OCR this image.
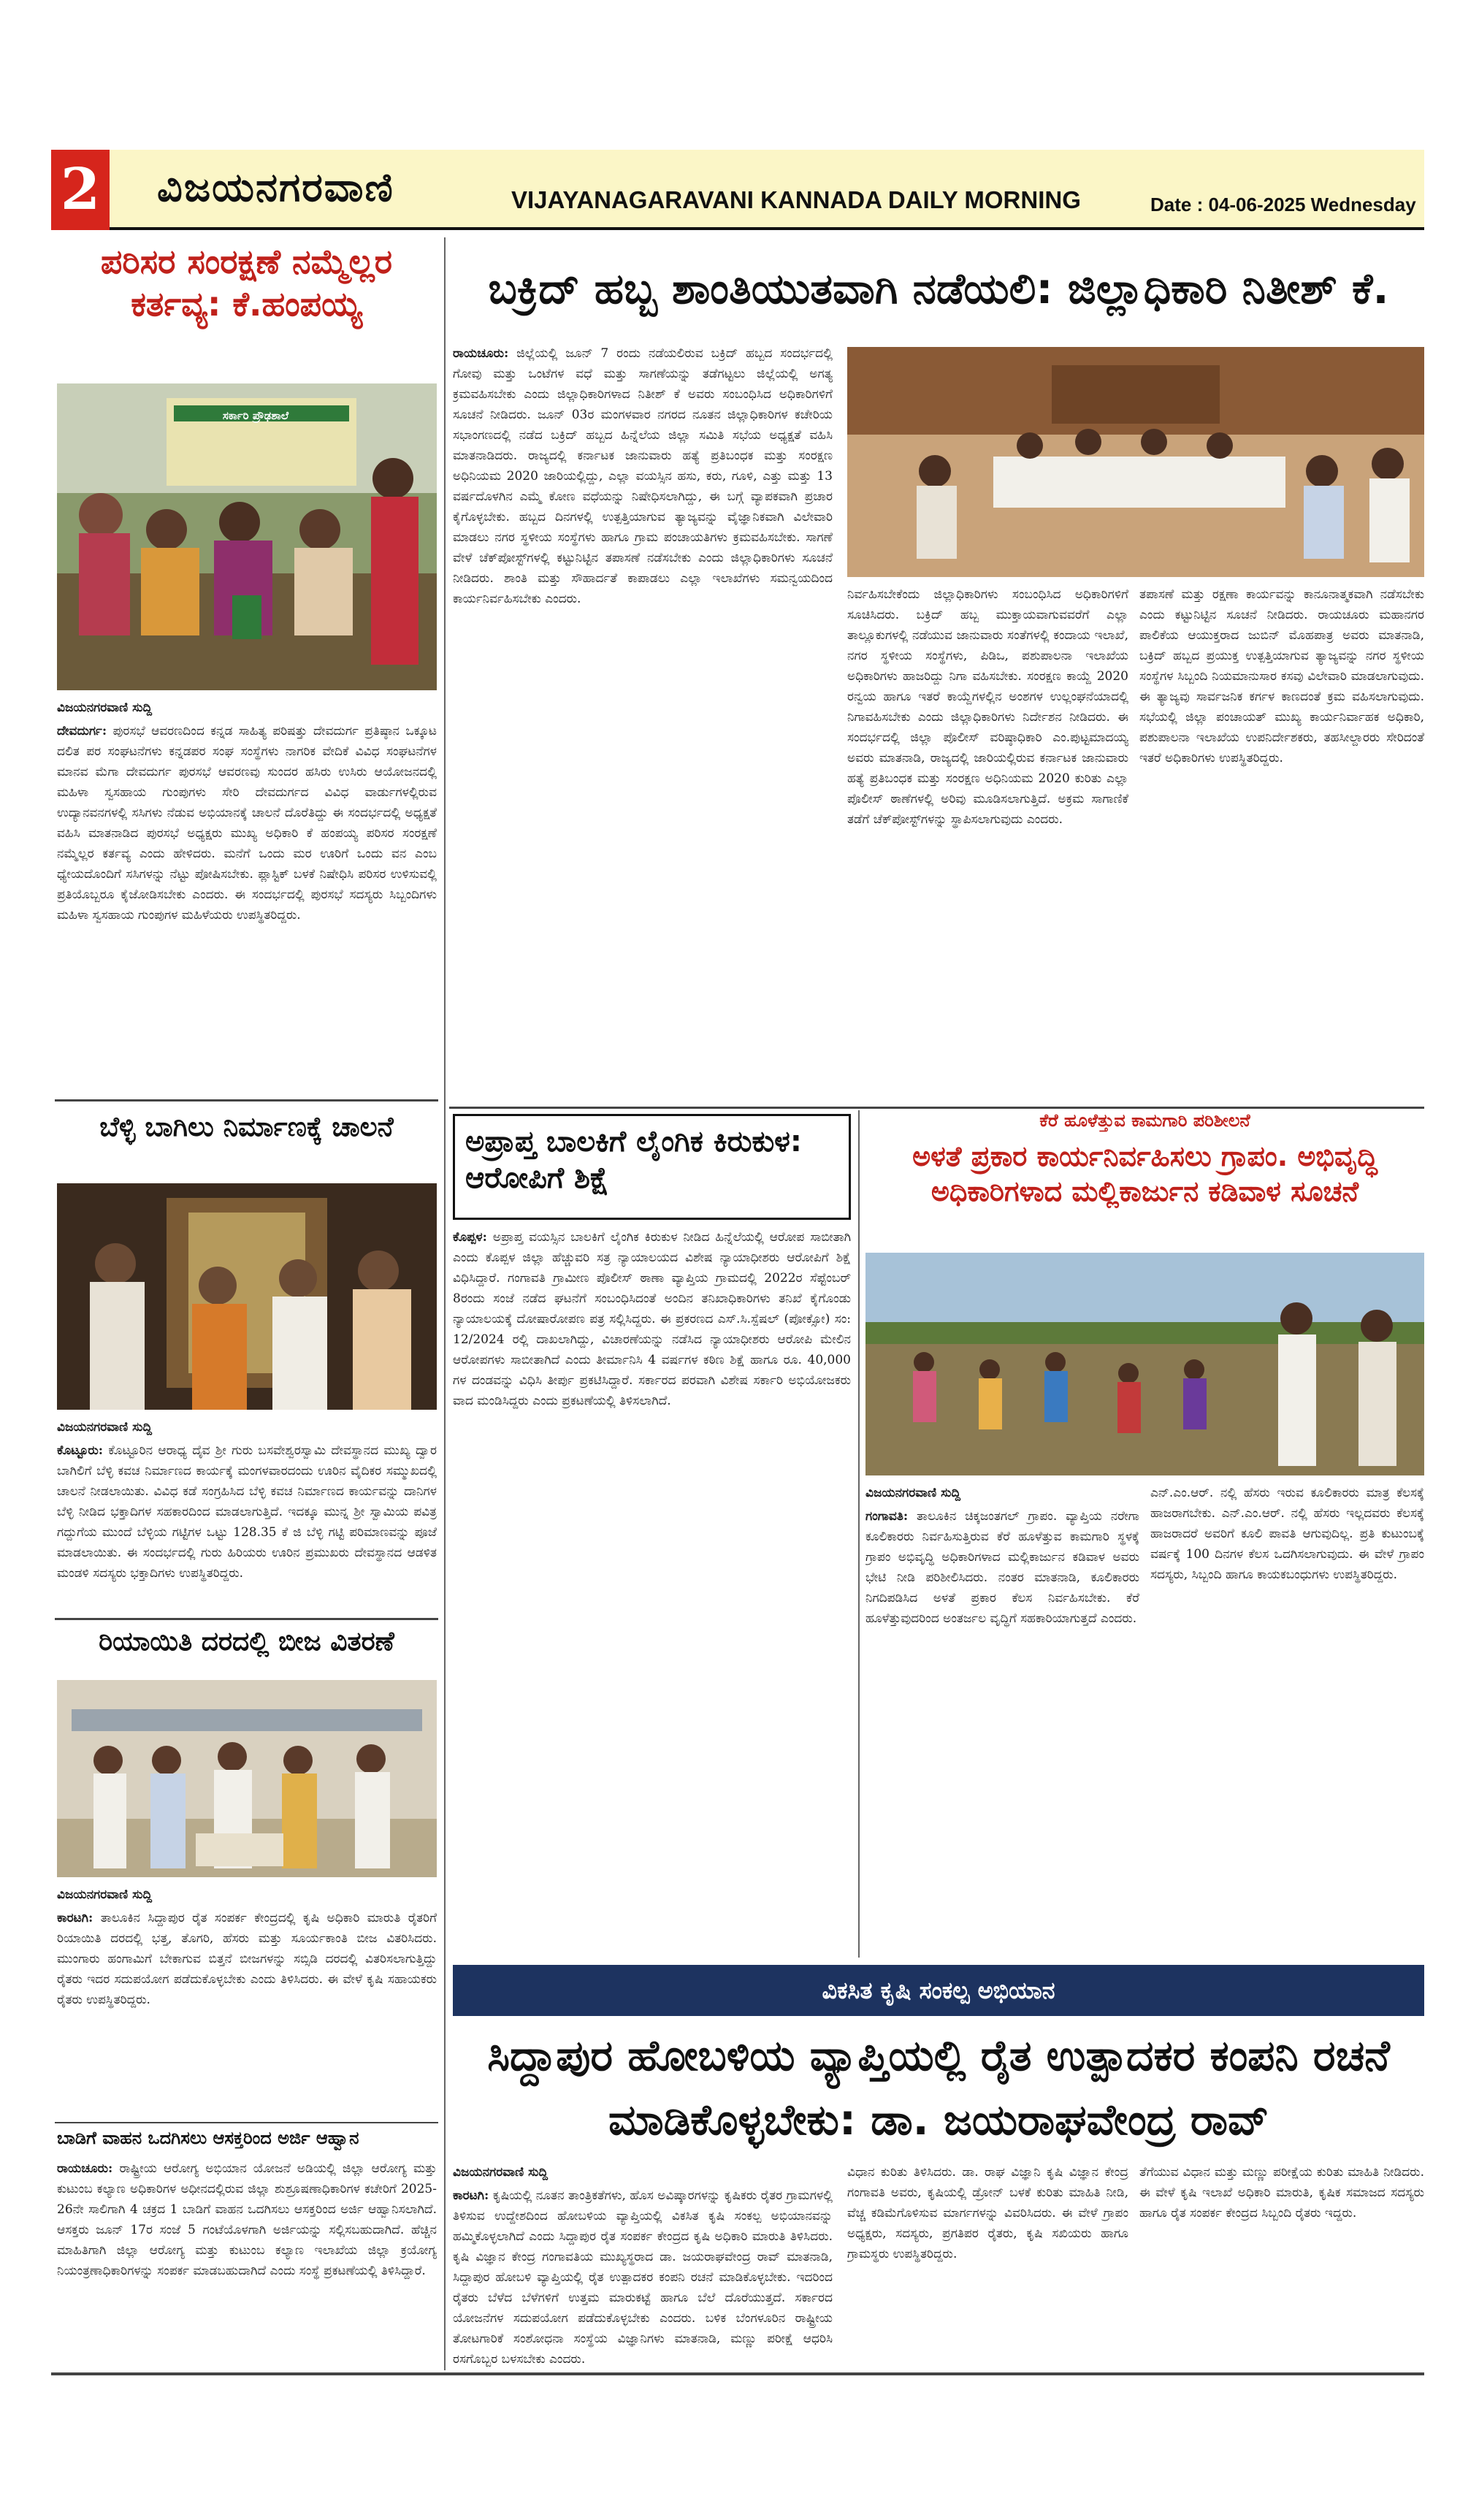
2 ವಿಜಯನಗರವಾಣಿ	VIJAYANAGARAVANI KANNADA DAILY MORNING	Date : 04-06-2025 Wednesday
ಪರಿಸರ ಸಂರಕ್ಷಣೆ ನಮ್ಮೆಲ್ಲರ ಕರ್ತವ್ಯ: ಕೆ.ಹಂಪಯ್ಯ
ಸರ್ಕಾರಿ ಪ್ರೌಢಶಾಲೆ

ವಿಜಯನಗರವಾಣಿ ಸುದ್ದಿ

ದೇವದುರ್ಗ: ಪುರಸಭೆ ಆವರಣದಿಂದ ಕನ್ನಡ ಸಾಹಿತ್ಯ ಪರಿಷತ್ತು ದೇವದುರ್ಗ ಪ್ರತಿಷ್ಠಾನ ಒಕ್ಕೂಟ ದಲಿತ ಪರ ಸಂಘಟನೆಗಳು ಕನ್ನಡಪರ ಸಂಘ ಸಂಸ್ಥೆಗಳು ನಾಗರಿಕ ವೇದಿಕೆ ವಿವಿಧ ಸಂಘಟನೆಗಳ ಮಾನವ ಮೆಗಾ ದೇವದುರ್ಗ ಪುರಸಭೆ ಆವರಣವು ಸುಂದರ ಹಸಿರು ಉಸಿರು ಆಯೋಜನದಲ್ಲಿ ಮಹಿಳಾ ಸ್ವಸಹಾಯ ಗುಂಪುಗಳು ಸೇರಿ ದೇವದುರ್ಗದ ವಿವಿಧ ವಾರ್ಡುಗಳಲ್ಲಿರುವ ಉದ್ಯಾನವನಗಳಲ್ಲಿ ಸಸಿಗಳು ನೆಡುವ ಅಭಿಯಾನಕ್ಕೆ ಚಾಲನೆ ದೊರೆತಿದ್ದು ಈ ಸಂದರ್ಭದಲ್ಲಿ ಅಧ್ಯಕ್ಷತೆ ವಹಿಸಿ ಮಾತನಾಡಿದ ಪುರಸಭೆ ಅಧ್ಯಕ್ಷರು ಮುಖ್ಯ ಅಧಿಕಾರಿ ಕೆ ಹಂಪಯ್ಯ ಪರಿಸರ ಸಂರಕ್ಷಣೆ ನಮ್ಮೆಲ್ಲರ ಕರ್ತವ್ಯ ಎಂದು ಹೇಳಿದರು. ಮನೆಗೆ ಒಂದು ಮರ ಊರಿಗೆ ಒಂದು ವನ ಎಂಬ ಧ್ಯೇಯದೊಂದಿಗೆ ಸಸಿಗಳನ್ನು ನೆಟ್ಟು ಪೋಷಿಸಬೇಕು. ಪ್ಲಾಸ್ಟಿಕ್ ಬಳಕೆ ನಿಷೇಧಿಸಿ ಪರಿಸರ ಉಳಿಸುವಲ್ಲಿ ಪ್ರತಿಯೊಬ್ಬರೂ ಕೈಜೋಡಿಸಬೇಕು ಎಂದರು. ಈ ಸಂದರ್ಭದಲ್ಲಿ ಪುರಸಭೆ ಸದಸ್ಯರು ಸಿಬ್ಬಂದಿಗಳು ಮಹಿಳಾ ಸ್ವಸಹಾಯ ಗುಂಪುಗಳ ಮಹಿಳೆಯರು ಉಪಸ್ಥಿತರಿದ್ದರು.

ಬೆಳ್ಳಿ ಬಾಗಿಲು ನಿರ್ಮಾಣಕ್ಕೆ ಚಾಲನೆ

ವಿಜಯನಗರವಾಣಿ ಸುದ್ದಿ

ಕೊಟ್ಟೂರು: ಕೊಟ್ಟೂರಿನ ಆರಾಧ್ಯ ದೈವ ಶ್ರೀ ಗುರು ಬಸವೇಶ್ವರಸ್ವಾಮಿ ದೇವಸ್ಥಾನದ ಮುಖ್ಯ ದ್ವಾರ ಬಾಗಿಲಿಗೆ ಬೆಳ್ಳಿ ಕವಚ ನಿರ್ಮಾಣದ ಕಾರ್ಯಕ್ಕೆ ಮಂಗಳವಾರದಂದು ಊರಿನ ವೈದಿಕರ ಸಮ್ಮುಖದಲ್ಲಿ ಚಾಲನೆ ನೀಡಲಾಯಿತು. ವಿವಿಧ ಕಡೆ ಸಂಗ್ರಹಿಸಿದ ಬೆಳ್ಳಿ ಕವಚ ನಿರ್ಮಾಣದ ಕಾರ್ಯವನ್ನು ದಾನಿಗಳ ಬೆಳ್ಳಿ ನೀಡಿದ ಭಕ್ತಾದಿಗಳ ಸಹಕಾರದಿಂದ ಮಾಡಲಾಗುತ್ತಿದೆ. ಇದಕ್ಕೂ ಮುನ್ನ ಶ್ರೀ ಸ್ವಾಮಿಯ ಪವಿತ್ರ ಗದ್ದುಗೆಯ ಮುಂದೆ ಬೆಳ್ಳಿಯ ಗಟ್ಟಿಗಳ ಒಟ್ಟು 128.35 ಕೆ ಜಿ ಬೆಳ್ಳಿ ಗಟ್ಟಿ ಪರಿಮಾಣವನ್ನು ಪೂಜೆ ಮಾಡಲಾಯಿತು. ಈ ಸಂದರ್ಭದಲ್ಲಿ ಗುರು ಹಿರಿಯರು ಊರಿನ ಪ್ರಮುಖರು ದೇವಸ್ಥಾನದ ಆಡಳಿತ ಮಂಡಳಿ ಸದಸ್ಯರು ಭಕ್ತಾದಿಗಳು ಉಪಸ್ಥಿತರಿದ್ದರು.

ರಿಯಾಯಿತಿ ದರದಲ್ಲಿ ಬೀಜ ವಿತರಣೆ

ವಿಜಯನಗರವಾಣಿ ಸುದ್ದಿ

ಕಾರಟಗಿ: ತಾಲೂಕಿನ ಸಿದ್ದಾಪುರ ರೈತ ಸಂಪರ್ಕ ಕೇಂದ್ರದಲ್ಲಿ ಕೃಷಿ ಅಧಿಕಾರಿ ಮಾರುತಿ ರೈತರಿಗೆ ರಿಯಾಯಿತಿ ದರದಲ್ಲಿ ಭತ್ತ, ತೊಗರಿ, ಹೆಸರು ಮತ್ತು ಸೂರ್ಯಕಾಂತಿ ಬೀಜ ವಿತರಿಸಿದರು. ಮುಂಗಾರು ಹಂಗಾಮಿಗೆ ಬೇಕಾಗುವ ಬಿತ್ತನೆ ಬೀಜಗಳನ್ನು ಸಬ್ಸಿಡಿ ದರದಲ್ಲಿ ವಿತರಿಸಲಾಗುತ್ತಿದ್ದು ರೈತರು ಇದರ ಸದುಪಯೋಗ ಪಡೆದುಕೊಳ್ಳಬೇಕು ಎಂದು ತಿಳಿಸಿದರು. ಈ ವೇಳೆ ಕೃಷಿ ಸಹಾಯಕರು ರೈತರು ಉಪಸ್ಥಿತರಿದ್ದರು.

ಬಾಡಿಗೆ ವಾಹನ ಒದಗಿಸಲು ಆಸಕ್ತರಿಂದ ಅರ್ಜಿ ಆಹ್ವಾನ

ರಾಯಚೂರು: ರಾಷ್ಟ್ರೀಯ ಆರೋಗ್ಯ ಅಭಿಯಾನ ಯೋಜನೆ ಅಡಿಯಲ್ಲಿ ಜಿಲ್ಲಾ ಆರೋಗ್ಯ ಮತ್ತು ಕುಟುಂಬ ಕಲ್ಯಾಣ ಅಧಿಕಾರಿಗಳ ಅಧೀನದಲ್ಲಿರುವ ಜಿಲ್ಲಾ ಶುಶ್ರೂಷಣಾಧಿಕಾರಿಗಳ ಕಚೇರಿಗೆ 2025-26ನೇ ಸಾಲಿಗಾಗಿ 4 ಚಕ್ರದ 1 ಬಾಡಿಗೆ ವಾಹನ ಒದಗಿಸಲು ಆಸಕ್ತರಿಂದ ಅರ್ಜಿ ಆಹ್ವಾನಿಸಲಾಗಿದೆ. ಆಸಕ್ತರು ಜೂನ್ 17ರ ಸಂಜೆ 5 ಗಂಟೆಯೊಳಗಾಗಿ ಅರ್ಜಿಯನ್ನು ಸಲ್ಲಿಸಬಹುದಾಗಿದೆ. ಹೆಚ್ಚಿನ ಮಾಹಿತಿಗಾಗಿ ಜಿಲ್ಲಾ ಆರೋಗ್ಯ ಮತ್ತು ಕುಟುಂಬ ಕಲ್ಯಾಣ ಇಲಾಖೆಯ ಜಿಲ್ಲಾ ಕ್ರಯೋಗ್ಯ ನಿಯಂತ್ರಣಾಧಿಕಾರಿಗಳನ್ನು ಸಂಪರ್ಕ ಮಾಡಬಹುದಾಗಿದೆ ಎಂದು ಸಂಸ್ಥೆ ಪ್ರಕಟಣೆಯಲ್ಲಿ ತಿಳಿಸಿದ್ದಾರೆ.

ಬಕ್ರಿದ್ ಹಬ್ಬ ಶಾಂತಿಯುತವಾಗಿ ನಡೆಯಲಿ: ಜಿಲ್ಲಾಧಿಕಾರಿ ನಿತೀಶ್ ಕೆ.

ರಾಯಚೂರು: ಜಿಲ್ಲೆಯಲ್ಲಿ ಜೂನ್ 7 ರಂದು ನಡೆಯಲಿರುವ ಬಕ್ರಿದ್ ಹಬ್ಬದ ಸಂದರ್ಭದಲ್ಲಿ ಗೋವು ಮತ್ತು ಒಂಟೆಗಳ ವಧೆ ಮತ್ತು ಸಾಗಣೆಯನ್ನು ತಡೆಗಟ್ಟಲು ಜಿಲ್ಲೆಯಲ್ಲಿ ಅಗತ್ಯ ಕ್ರಮವಹಿಸಬೇಕು ಎಂದು ಜಿಲ್ಲಾಧಿಕಾರಿಗಳಾದ ನಿತೀಶ್ ಕೆ ಅವರು ಸಂಬಂಧಿಸಿದ ಅಧಿಕಾರಿಗಳಿಗೆ ಸೂಚನೆ ನೀಡಿದರು. ಜೂನ್ 03ರ ಮಂಗಳವಾರ ನಗರದ ನೂತನ ಜಿಲ್ಲಾಧಿಕಾರಿಗಳ ಕಚೇರಿಯ ಸಭಾಂಗಣದಲ್ಲಿ ನಡೆದ ಬಕ್ರಿದ್ ಹಬ್ಬದ ಹಿನ್ನೆಲೆಯ ಜಿಲ್ಲಾ ಸಮಿತಿ ಸಭೆಯ ಅಧ್ಯಕ್ಷತೆ ವಹಿಸಿ ಮಾತನಾಡಿದರು. ರಾಜ್ಯದಲ್ಲಿ ಕರ್ನಾಟಕ ಜಾನುವಾರು ಹತ್ಯೆ ಪ್ರತಿಬಂಧಕ ಮತ್ತು ಸಂರಕ್ಷಣ ಅಧಿನಿಯಮ 2020 ಜಾರಿಯಲ್ಲಿದ್ದು, ಎಲ್ಲಾ ವಯಸ್ಸಿನ ಹಸು, ಕರು, ಗೂಳಿ, ಎತ್ತು ಮತ್ತು 13 ವರ್ಷದೊಳಗಿನ ಎಮ್ಮೆ ಕೋಣ ವಧೆಯನ್ನು ನಿಷೇಧಿಸಲಾಗಿದ್ದು, ಈ ಬಗ್ಗೆ ವ್ಯಾಪಕವಾಗಿ ಪ್ರಚಾರ ಕೈಗೊಳ್ಳಬೇಕು. ಹಬ್ಬದ ದಿನಗಳಲ್ಲಿ ಉತ್ಪತ್ತಿಯಾಗುವ ತ್ಯಾಜ್ಯವನ್ನು ವೈಜ್ಞಾನಿಕವಾಗಿ ವಿಲೇವಾರಿ ಮಾಡಲು ನಗರ ಸ್ಥಳೀಯ ಸಂಸ್ಥೆಗಳು ಹಾಗೂ ಗ್ರಾಮ ಪಂಚಾಯತಿಗಳು ಕ್ರಮವಹಿಸಬೇಕು. ಸಾಗಣೆ ವೇಳೆ ಚೆಕ್‌ಪೋಸ್ಟ್‌ಗಳಲ್ಲಿ ಕಟ್ಟುನಿಟ್ಟಿನ ತಪಾಸಣೆ ನಡೆಸಬೇಕು ಎಂದು ಜಿಲ್ಲಾಧಿಕಾರಿಗಳು ಸೂಚನೆ ನೀಡಿದರು. ಶಾಂತಿ ಮತ್ತು ಸೌಹಾರ್ದತೆ ಕಾಪಾಡಲು ಎಲ್ಲಾ ಇಲಾಖೆಗಳು ಸಮನ್ವಯದಿಂದ ಕಾರ್ಯನಿರ್ವಹಿಸಬೇಕು ಎಂದರು.	ನಿರ್ವಹಿಸಬೇಕೆಂದು ಜಿಲ್ಲಾಧಿಕಾರಿಗಳು ಸಂಬಂಧಿಸಿದ ಅಧಿಕಾರಿಗಳಿಗೆ ಸೂಚಿಸಿದರು. ಬಕ್ರಿದ್ ಹಬ್ಬ ಮುಕ್ತಾಯವಾಗುವವರೆಗೆ ಎಲ್ಲಾ ತಾಲ್ಲೂಕುಗಳಲ್ಲಿ ನಡೆಯುವ ಜಾನುವಾರು ಸಂತೆಗಳಲ್ಲಿ ಕಂದಾಯ ಇಲಾಖೆ, ನಗರ ಸ್ಥಳೀಯ ಸಂಸ್ಥೆಗಳು, ಪಿಡಿಒ, ಪಶುಪಾಲನಾ ಇಲಾಖೆಯ ಅಧಿಕಾರಿಗಳು ಹಾಜರಿದ್ದು ನಿಗಾ ವಹಿಸಬೇಕು. ಸಂರಕ್ಷಣ ಕಾಯ್ದೆ 2020 ರನ್ವಯ ಹಾಗೂ ಇತರೆ ಕಾಯ್ದೆಗಳಲ್ಲಿನ ಅಂಶಗಳ ಉಲ್ಲಂಘನೆಯಾದಲ್ಲಿ ನಿಗಾವಹಿಸಬೇಕು ಎಂದು ಜಿಲ್ಲಾಧಿಕಾರಿಗಳು ನಿರ್ದೇಶನ ನೀಡಿದರು. ಈ ಸಂದರ್ಭದಲ್ಲಿ ಜಿಲ್ಲಾ ಪೊಲೀಸ್ ವರಿಷ್ಠಾಧಿಕಾರಿ ಎಂ.ಪುಟ್ಟಮಾದಯ್ಯ ಅವರು ಮಾತನಾಡಿ, ರಾಜ್ಯದಲ್ಲಿ ಜಾರಿಯಲ್ಲಿರುವ ಕರ್ನಾಟಕ ಜಾನುವಾರು ಹತ್ಯೆ ಪ್ರತಿಬಂಧಕ ಮತ್ತು ಸಂರಕ್ಷಣ ಅಧಿನಿಯಮ 2020 ಕುರಿತು ಎಲ್ಲಾ ಪೊಲೀಸ್ ಠಾಣೆಗಳಲ್ಲಿ ಅರಿವು ಮೂಡಿಸಲಾಗುತ್ತಿದೆ. ಅಕ್ರಮ ಸಾಗಾಣಿಕೆ ತಡೆಗೆ ಚೆಕ್‌ಪೋಸ್ಟ್‌ಗಳನ್ನು ಸ್ಥಾಪಿಸಲಾಗುವುದು ಎಂದರು.

ತಪಾಸಣೆ ಮತ್ತು ರಕ್ಷಣಾ ಕಾರ್ಯವನ್ನು ಕಾನೂನಾತ್ಮಕವಾಗಿ ನಡೆಸಬೇಕು ಎಂದು ಕಟ್ಟುನಿಟ್ಟಿನ ಸೂಚನೆ ನೀಡಿದರು. ರಾಯಚೂರು ಮಹಾನಗರ ಪಾಲಿಕೆಯ ಆಯುಕ್ತರಾದ ಜುಬಿನ್ ಮೊಹಪಾತ್ರ ಅವರು ಮಾತನಾಡಿ, ಬಕ್ರಿದ್ ಹಬ್ಬದ ಪ್ರಯುಕ್ತ ಉತ್ಪತ್ತಿಯಾಗುವ ತ್ಯಾಜ್ಯವನ್ನು ನಗರ ಸ್ಥಳೀಯ ಸಂಸ್ಥೆಗಳ ಸಿಬ್ಬಂದಿ ನಿಯಮಾನುಸಾರ ಕಸವು ವಿಲೇವಾರಿ ಮಾಡಲಾಗುವುದು. ಈ ತ್ಯಾಜ್ಯವು ಸಾರ್ವಜನಿಕ ಕರ್ಗಳ ಕಾಣದಂತೆ ಕ್ರಮ ವಹಿಸಲಾಗುವುದು. ಸಭೆಯಲ್ಲಿ ಜಿಲ್ಲಾ ಪಂಚಾಯತ್ ಮುಖ್ಯ ಕಾರ್ಯನಿರ್ವಾಹಕ ಅಧಿಕಾರಿ, ಪಶುಪಾಲನಾ ಇಲಾಖೆಯ ಉಪನಿರ್ದೇಶಕರು, ತಹಸೀಲ್ದಾರರು ಸೇರಿದಂತೆ ಇತರೆ ಅಧಿಕಾರಿಗಳು ಉಪಸ್ಥಿತರಿದ್ದರು.

ಅಪ್ರಾಪ್ತ ಬಾಲಕಿಗೆ ಲೈಂಗಿಕ ಕಿರುಕುಳ: ಆರೋಪಿಗೆ ಶಿಕ್ಷೆ

ಕೊಪ್ಪಳ: ಅಪ್ರಾಪ್ತ ವಯಸ್ಸಿನ ಬಾಲಕಿಗೆ ಲೈಂಗಿಕ ಕಿರುಕುಳ ನೀಡಿದ ಹಿನ್ನೆಲೆಯಲ್ಲಿ ಆರೋಪ ಸಾಬೀತಾಗಿ ಎಂದು ಕೊಪ್ಪಳ ಜಿಲ್ಲಾ ಹೆಚ್ಚುವರಿ ಸತ್ರ ನ್ಯಾಯಾಲಯದ ವಿಶೇಷ ನ್ಯಾಯಾಧೀಶರು ಆರೋಪಿಗೆ ಶಿಕ್ಷೆ ವಿಧಿಸಿದ್ದಾರೆ. ಗಂಗಾವತಿ ಗ್ರಾಮೀಣ ಪೊಲೀಸ್ ಠಾಣಾ ವ್ಯಾಪ್ತಿಯ ಗ್ರಾಮದಲ್ಲಿ 2022ರ ಸೆಪ್ಟೆಂಬರ್ 8ರಂದು ಸಂಜೆ ನಡೆದ ಘಟನೆಗೆ ಸಂಬಂಧಿಸಿದಂತೆ ಅಂದಿನ ತನಿಖಾಧಿಕಾರಿಗಳು ತನಿಖೆ ಕೈಗೊಂಡು ನ್ಯಾಯಾಲಯಕ್ಕೆ ದೋಷಾರೋಪಣ ಪತ್ರ ಸಲ್ಲಿಸಿದ್ದರು. ಈ ಪ್ರಕರಣದ ಎಸ್.ಸಿ.ಸ್ಪೆಷಲ್ (ಪೋಕ್ಸೋ) ಸಂ: 12/2024 ರಲ್ಲಿ ದಾಖಲಾಗಿದ್ದು, ವಿಚಾರಣೆಯನ್ನು ನಡೆಸಿದ ನ್ಯಾಯಾಧೀಶರು ಆರೋಪಿ ಮೇಲಿನ ಆರೋಪಗಳು ಸಾಬೀತಾಗಿದೆ ಎಂದು ತೀರ್ಮಾನಿಸಿ 4 ವರ್ಷಗಳ ಕಠಿಣ ಶಿಕ್ಷೆ ಹಾಗೂ ರೂ. 40,000 ಗಳ ದಂಡವನ್ನು ವಿಧಿಸಿ ತೀರ್ಪು ಪ್ರಕಟಿಸಿದ್ದಾರೆ. ಸರ್ಕಾರದ ಪರವಾಗಿ ವಿಶೇಷ ಸರ್ಕಾರಿ ಅಭಿಯೋಜಕರು ವಾದ ಮಂಡಿಸಿದ್ದರು ಎಂದು ಪ್ರಕಟಣೆಯಲ್ಲಿ ತಿಳಿಸಲಾಗಿದೆ.

ಕೆರೆ ಹೂಳೆತ್ತುವ ಕಾಮಗಾರಿ ಪರಿಶೀಲನೆ
ಅಳತೆ ಪ್ರಕಾರ ಕಾರ್ಯನಿರ್ವಹಿಸಲು ಗ್ರಾಪಂ. ಅಭಿವೃದ್ಧಿ ಅಧಿಕಾರಿಗಳಾದ ಮಲ್ಲಿಕಾರ್ಜುನ ಕಡಿವಾಳ ಸೂಚನೆ

ವಿಜಯನಗರವಾಣಿ ಸುದ್ದಿ

ಗಂಗಾವತಿ: ತಾಲೂಕಿನ ಚಿಕ್ಕಜಂತಗಲ್ ಗ್ರಾಪಂ. ವ್ಯಾಪ್ತಿಯ ನರೇಗಾ ಕೂಲಿಕಾರರು ನಿರ್ವಹಿಸುತ್ತಿರುವ ಕೆರೆ ಹೂಳೆತ್ತುವ ಕಾಮಗಾರಿ ಸ್ಥಳಕ್ಕೆ ಗ್ರಾಪಂ ಅಭಿವೃದ್ಧಿ ಅಧಿಕಾರಿಗಳಾದ ಮಲ್ಲಿಕಾರ್ಜುನ ಕಡಿವಾಳ ಅವರು ಭೇಟಿ ನೀಡಿ ಪರಿಶೀಲಿಸಿದರು. ನಂತರ ಮಾತನಾಡಿ, ಕೂಲಿಕಾರರು ನಿಗದಿಪಡಿಸಿದ ಅಳತೆ ಪ್ರಕಾರ ಕೆಲಸ ನಿರ್ವಹಿಸಬೇಕು. ಕೆರೆ ಹೂಳೆತ್ತುವುದರಿಂದ ಅಂತರ್ಜಲ ವೃದ್ಧಿಗೆ ಸಹಕಾರಿಯಾಗುತ್ತದೆ ಎಂದರು.

ಎನ್.ಎಂ.ಆರ್. ನಲ್ಲಿ ಹೆಸರು ಇರುವ ಕೂಲಿಕಾರರು ಮಾತ್ರ ಕೆಲಸಕ್ಕೆ ಹಾಜರಾಗಬೇಕು. ಎನ್.ಎಂ.ಆರ್. ನಲ್ಲಿ ಹೆಸರು ಇಲ್ಲದವರು ಕೆಲಸಕ್ಕೆ ಹಾಜರಾದರೆ ಅವರಿಗೆ ಕೂಲಿ ಪಾವತಿ ಆಗುವುದಿಲ್ಲ. ಪ್ರತಿ ಕುಟುಂಬಕ್ಕೆ ವರ್ಷಕ್ಕೆ 100 ದಿನಗಳ ಕೆಲಸ ಒದಗಿಸಲಾಗುವುದು. ಈ ವೇಳೆ ಗ್ರಾಪಂ ಸದಸ್ಯರು, ಸಿಬ್ಬಂದಿ ಹಾಗೂ ಕಾಯಕಬಂಧುಗಳು ಉಪಸ್ಥಿತರಿದ್ದರು.

ವಿಕಸಿತ ಕೃಷಿ ಸಂಕಲ್ಪ ಅಭಿಯಾನ
ಸಿದ್ದಾಪುರ ಹೋಬಳಿಯ ವ್ಯಾಪ್ತಿಯಲ್ಲಿ ರೈತ ಉತ್ಪಾದಕರ ಕಂಪನಿ ರಚನೆ ಮಾಡಿಕೊಳ್ಳಬೇಕು: ಡಾ. ಜಯರಾಘವೇಂದ್ರ ರಾವ್

ವಿಜಯನಗರವಾಣಿ ಸುದ್ದಿ

ಕಾರಟಗಿ: ಕೃಷಿಯಲ್ಲಿ ನೂತನ ತಾಂತ್ರಿಕತೆಗಳು, ಹೊಸ ಅವಿಷ್ಕಾರಗಳನ್ನು ಕೃಷಿಕರು ರೈತರ ಗ್ರಾಮಗಳಲ್ಲಿ ತಿಳಿಸುವ ಉದ್ದೇಶದಿಂದ ಹೋಬಳಿಯ ವ್ಯಾಪ್ತಿಯಲ್ಲಿ ವಿಕಸಿತ ಕೃಷಿ ಸಂಕಲ್ಪ ಅಭಿಯಾನವನ್ನು ಹಮ್ಮಿಕೊಳ್ಳಲಾಗಿದೆ ಎಂದು ಸಿದ್ದಾಪುರ ರೈತ ಸಂಪರ್ಕ ಕೇಂದ್ರದ ಕೃಷಿ ಅಧಿಕಾರಿ ಮಾರುತಿ ತಿಳಿಸಿದರು. ಕೃಷಿ ವಿಜ್ಞಾನ ಕೇಂದ್ರ ಗಂಗಾವತಿಯ ಮುಖ್ಯಸ್ಥರಾದ ಡಾ. ಜಯರಾಘವೇಂದ್ರ ರಾವ್ ಮಾತನಾಡಿ, ಸಿದ್ದಾಪುರ ಹೋಬಳಿ ವ್ಯಾಪ್ತಿಯಲ್ಲಿ ರೈತ ಉತ್ಪಾದಕರ ಕಂಪನಿ ರಚನೆ ಮಾಡಿಕೊಳ್ಳಬೇಕು. ಇದರಿಂದ ರೈತರು ಬೆಳೆದ ಬೆಳೆಗಳಿಗೆ ಉತ್ತಮ ಮಾರುಕಟ್ಟೆ ಹಾಗೂ ಬೆಲೆ ದೊರೆಯುತ್ತದೆ. ಸರ್ಕಾರದ ಯೋಜನೆಗಳ ಸದುಪಯೋಗ ಪಡೆದುಕೊಳ್ಳಬೇಕು ಎಂದರು. ಬಳಿಕ ಬೆಂಗಳೂರಿನ ರಾಷ್ಟ್ರೀಯ ತೋಟಗಾರಿಕೆ ಸಂಶೋಧನಾ ಸಂಸ್ಥೆಯ ವಿಜ್ಞಾನಿಗಳು ಮಾತನಾಡಿ, ಮಣ್ಣು ಪರೀಕ್ಷೆ ಆಧರಿಸಿ ರಸಗೊಬ್ಬರ ಬಳಸಬೇಕು ಎಂದರು.

ವಿಧಾನ ಕುರಿತು ತಿಳಿಸಿದರು. ಡಾ. ರಾಘ ವಿಜ್ಞಾನಿ ಕೃಷಿ ವಿಜ್ಞಾನ ಕೇಂದ್ರ ಗಂಗಾವತಿ ಅವರು, ಕೃಷಿಯಲ್ಲಿ ಡ್ರೋನ್ ಬಳಕೆ ಕುರಿತು ಮಾಹಿತಿ ನೀಡಿ, ವೆಚ್ಚ ಕಡಿಮೆಗೊಳಿಸುವ ಮಾರ್ಗಗಳನ್ನು ವಿವರಿಸಿದರು. ಈ ವೇಳೆ ಗ್ರಾಪಂ ಅಧ್ಯಕ್ಷರು, ಸದಸ್ಯರು, ಪ್ರಗತಿಪರ ರೈತರು, ಕೃಷಿ ಸಖಿಯರು ಹಾಗೂ ಗ್ರಾಮಸ್ಥರು ಉಪಸ್ಥಿತರಿದ್ದರು.

ತೆಗೆಯುವ ವಿಧಾನ ಮತ್ತು ಮಣ್ಣು ಪರೀಕ್ಷೆಯ ಕುರಿತು ಮಾಹಿತಿ ನೀಡಿದರು. ಈ ವೇಳೆ ಕೃಷಿ ಇಲಾಖೆ ಅಧಿಕಾರಿ ಮಾರುತಿ, ಕೃಷಿಕ ಸಮಾಜದ ಸದಸ್ಯರು ಹಾಗೂ ರೈತ ಸಂಪರ್ಕ ಕೇಂದ್ರದ ಸಿಬ್ಬಂದಿ ರೈತರು ಇದ್ದರು.
